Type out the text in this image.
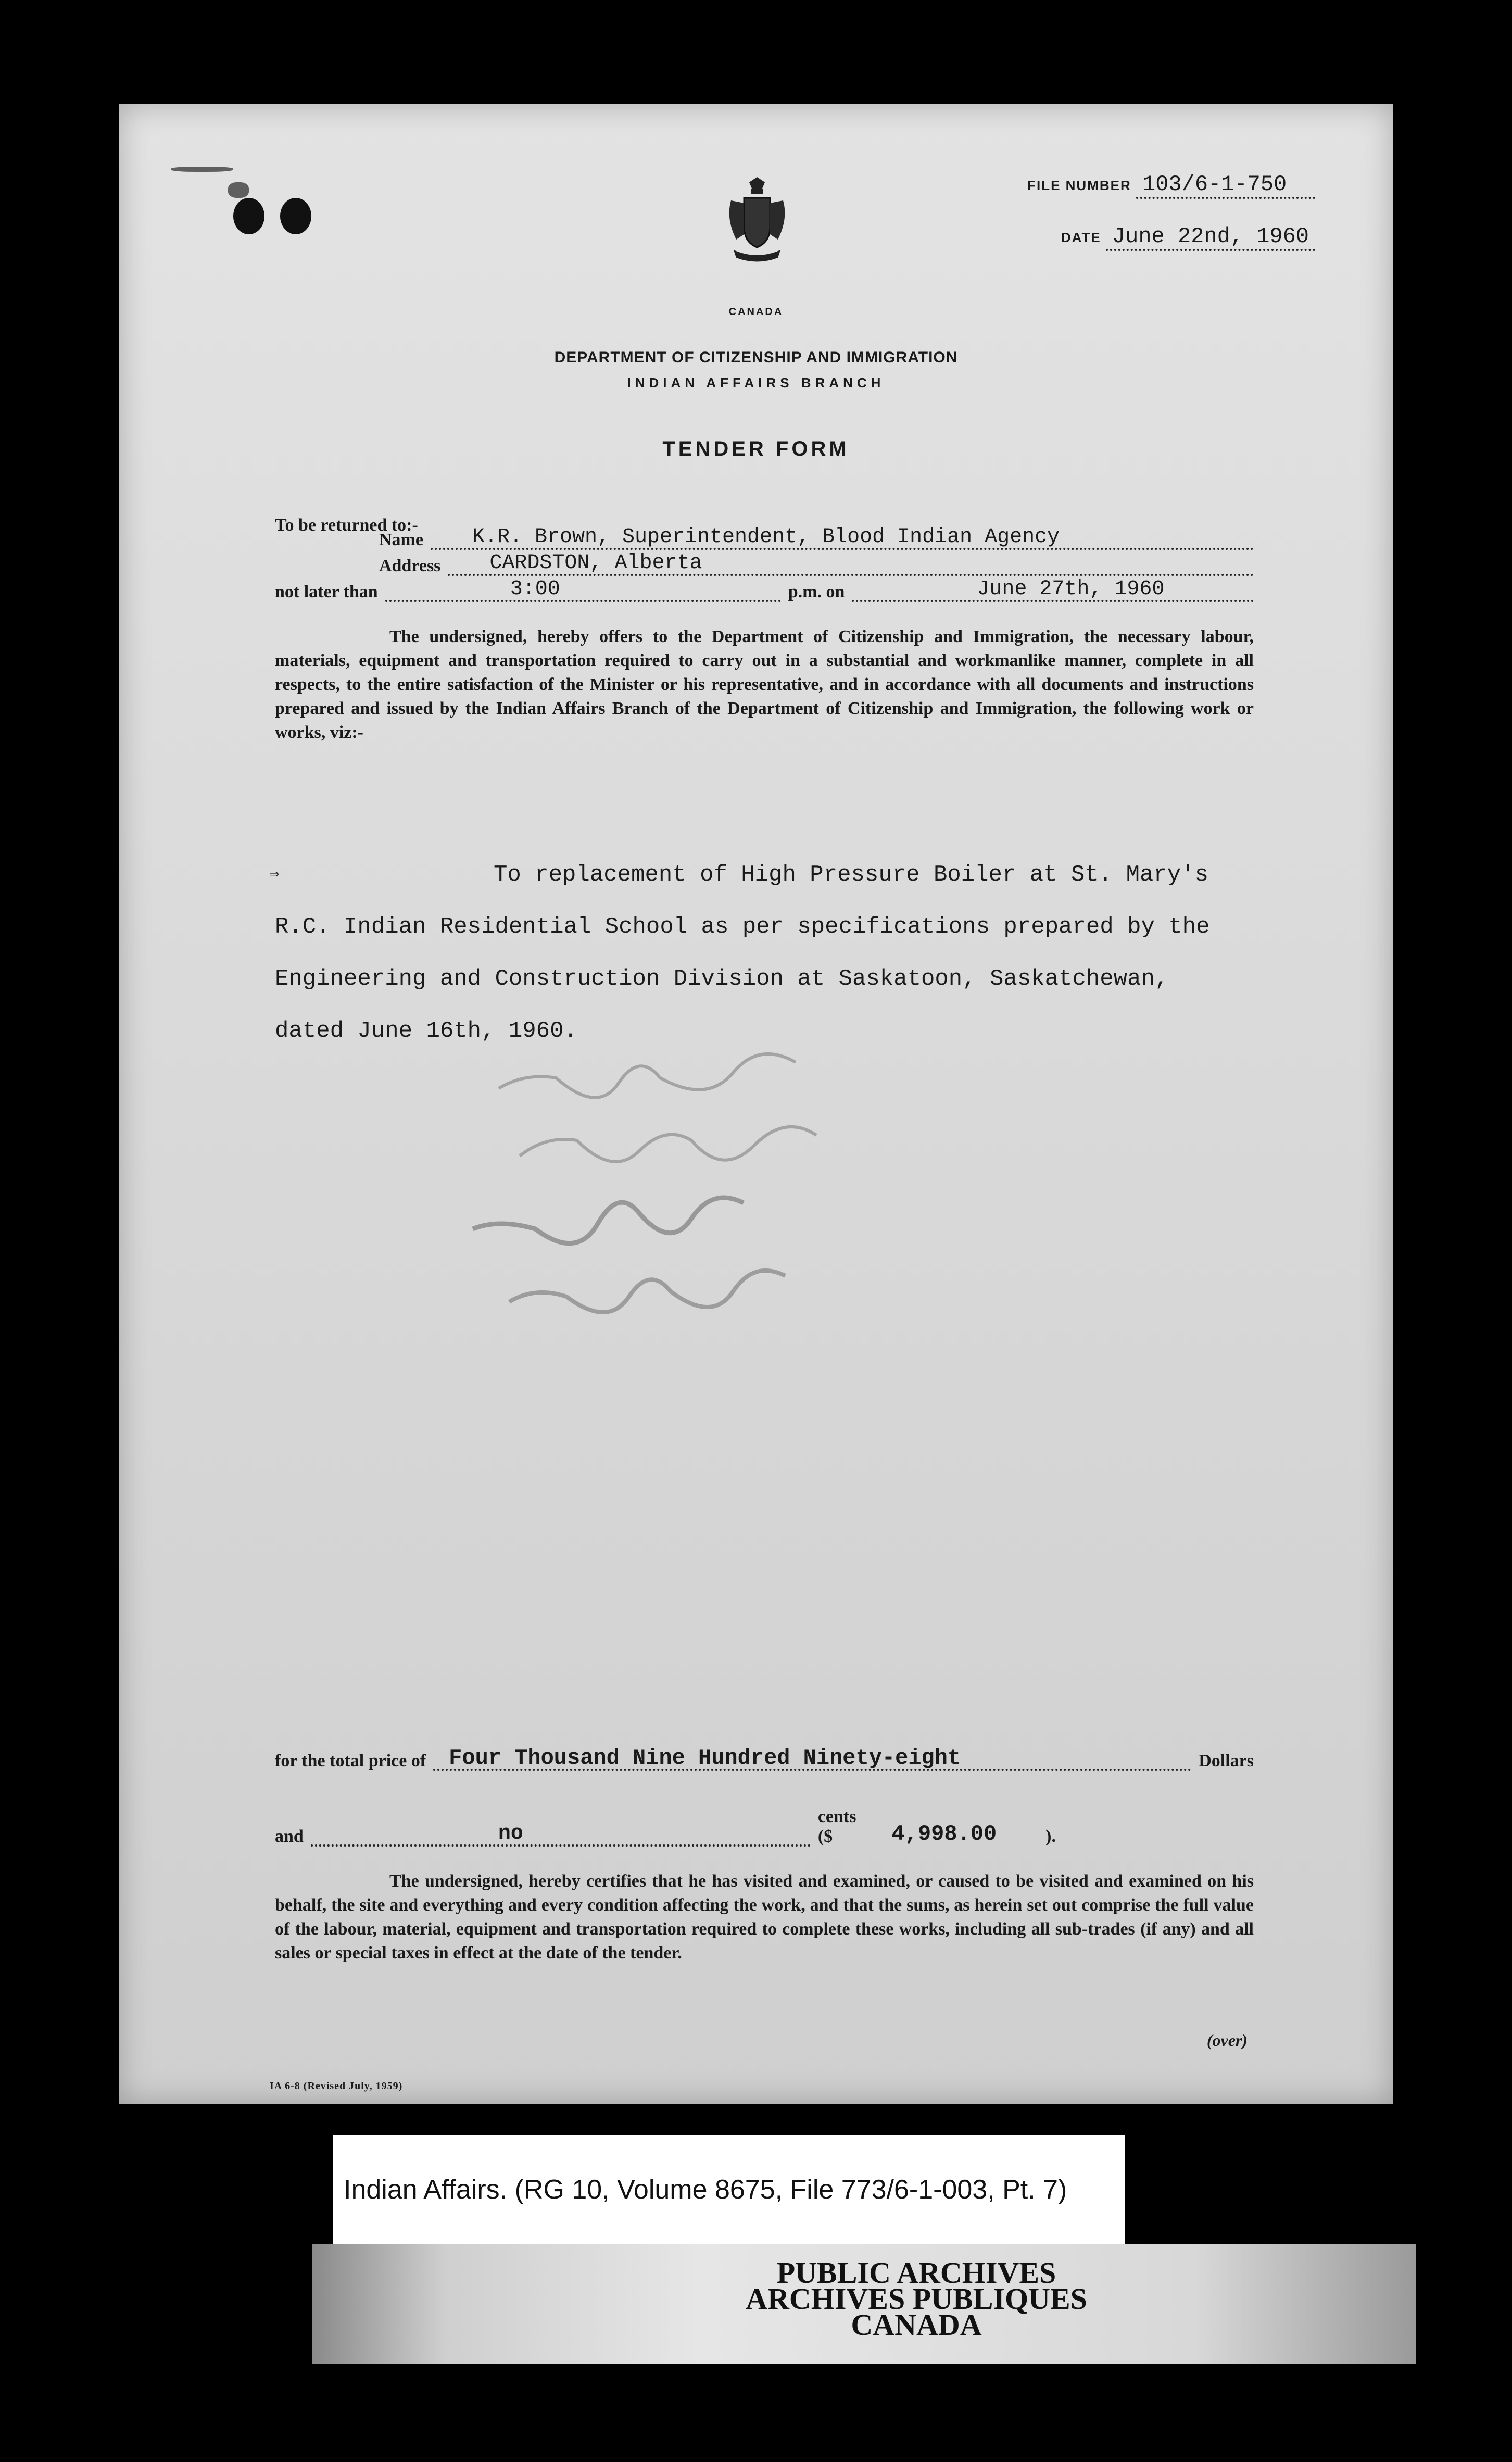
FILE NUMBER 103/6-1-750
DATE June 22nd, 1960
CANADA
DEPARTMENT OF CITIZENSHIP AND IMMIGRATION
INDIAN AFFAIRS BRANCH
TENDER FORM
To be returned to:-
Name	K.R. Brown, Superintendent, Blood Indian Agency
Address	CARDSTON, Alberta
not later than	3:00	p.m. on	June 27th, 1960
The undersigned, hereby offers to the Department of Citizenship and Immigration, the necessary labour, materials, equipment and transportation required to carry out in a substantial and workmanlike manner, complete in all respects, to the entire satisfaction of the Minister or his representative, and in accordance with all documents and instructions prepared and issued by the Indian Affairs Branch of the Department of Citizenship and Immigration, the following work or works, viz:-
⇒	To replacement of High Pressure Boiler at St. Mary's

R.C. Indian Residential School as per specifications prepared by the

Engineering and Construction Division at Saskatoon, Saskatchewan,

dated June 16th, 1960.

for the total price of	Four Thousand Nine Hundred Ninety-eight	Dollars
and	no
cents ($	4,998.00	).
The undersigned, hereby certifies that he has visited and examined, or caused to be visited and examined on his behalf, the site and everything and every condition affecting the work, and that the sums, as herein set out comprise the full value of the labour, material, equipment and transportation required to complete these works, including all sub-trades (if any) and all sales or special taxes in effect at the date of the tender.
(over)
IA 6-8 (Revised July, 1959)
Indian Affairs. (RG 10, Volume 8675, File 773/6-1-003, Pt. 7)
PUBLIC ARCHIVES
ARCHIVES PUBLIQUES
CANADA
